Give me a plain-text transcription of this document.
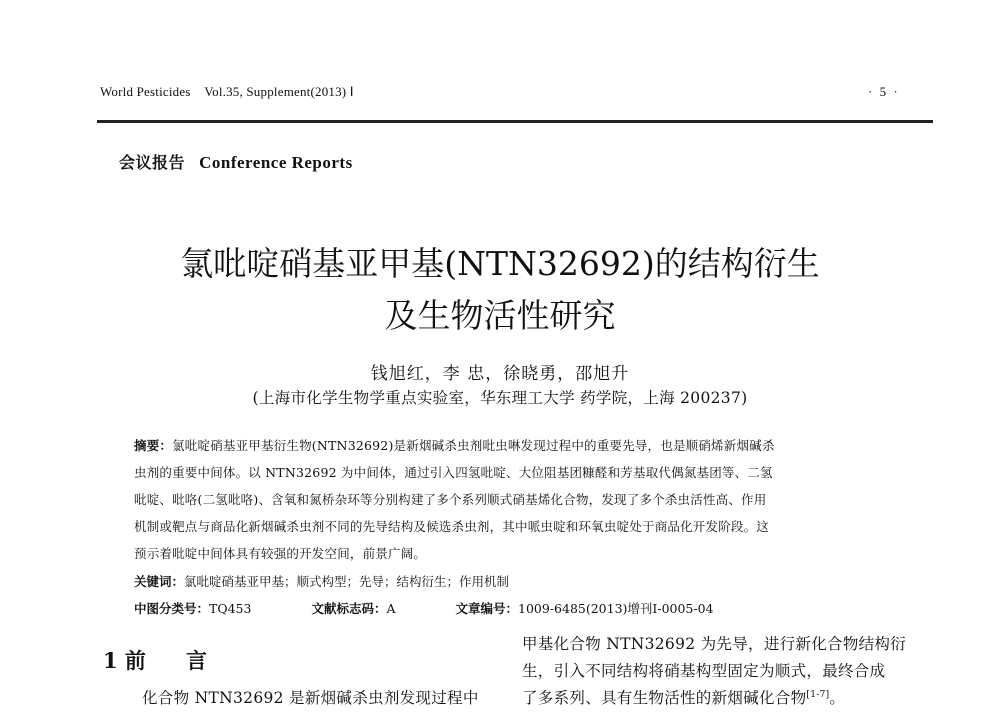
World Pesticides Vol.35, Supplement(2013) Ⅰ	· 5 ·
会议报告 Conference Reports
氯吡啶硝基亚甲基(NTN32692)的结构衍生
及生物活性研究
钱旭红，李 忠，徐晓勇，邵旭升
(上海市化学生物学重点实验室，华东理工大学 药学院，上海 200237)
摘要：氯吡啶硝基亚甲基衍生物(NTN32692)是新烟碱杀虫剂吡虫啉发现过程中的重要先导，也是顺硝烯新烟碱杀
虫剂的重要中间体。以 NTN32692 为中间体，通过引入四氢吡啶、大位阻基团糠醛和芳基取代偶氮基团等、二氢
吡啶、吡咯(二氢吡咯)、含氧和氮桥杂环等分别构建了多个系列顺式硝基烯化合物，发现了多个杀虫活性高、作用
机制或靶点与商品化新烟碱杀虫剂不同的先导结构及候选杀虫剂，其中哌虫啶和环氧虫啶处于商品化开发阶段。这
预示着吡啶中间体具有较强的开发空间，前景广阔。
关键词：氯吡啶硝基亚甲基；顺式构型；先导；结构衍生；作用机制
中图分类号：TQ453	文献标志码：A	文章编号：1009-6485(2013)增刊Ⅰ-0005-04
1 前 言
化合物 NTN32692 是新烟碱杀虫剂发现过程中
甲基化合物 NTN32692 为先导，进行新化合物结构衍
生，引入不同结构将硝基构型固定为顺式，最终合成
了多系列、具有生物活性的新烟碱化合物[1-7]。
